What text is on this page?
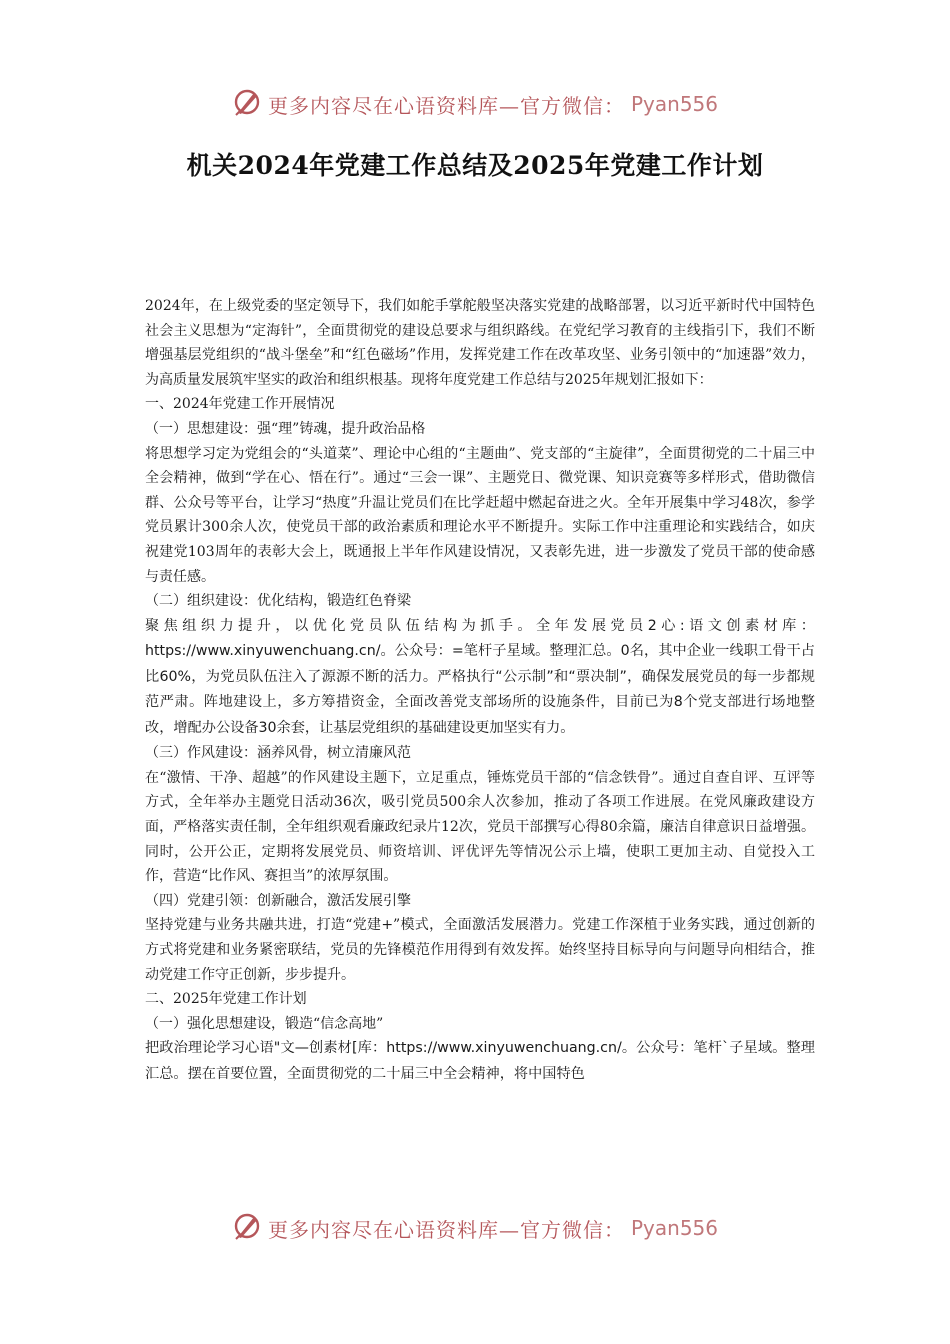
更多内容尽在心语资料库—官方微信： Pyan556
机关2024年党建工作总结及2025年党建工作计划

2024年，在上级党委的坚定领导下，我们如舵手掌舵般坚决落实党建的战略部署，以习近平新时代中国特色社会主义思想为“定海针”，全面贯彻党的建设总要求与组织路线。在党纪学习教育的主线指引下，我们不断增强基层党组织的“战斗堡垒”和“红色磁场”作用，发挥党建工作在改革攻坚、业务引领中的“加速器”效力，为高质量发展筑牢坚实的政治和组织根基。现将年度党建工作总结与2025年规划汇报如下：

一、2024年党建工作开展情况

（一）思想建设：强“理”铸魂，提升政治品格

将思想学习定为党组会的“头道菜”、理论中心组的“主题曲”、党支部的“主旋律”，全面贯彻党的二十届三中全会精神，做到“学在心、悟在行”。通过“三会一课”、主题党日、微党课、知识竞赛等多样形式，借助微信群、公众号等平台，让学习“热度”升温让党员们在比学赶超中燃起奋进之火。全年开展集中学习48次，参学党员累计300余人次，使党员干部的政治素质和理论水平不断提升。实际工作中注重理论和实践结合，如庆祝建党103周年的表彰大会上，既通报上半年作风建设情况，又表彰先进，进一步激发了党员干部的使命感与责任感。

（二）组织建设：优化结构，锻造红色脊梁

聚焦组织力提升，以优化党员队伍结构为抓手。全年发展党员2心:语文创素材库：https://www.xinyuwenchuang.cn/。公众号：=笔杆子星域。整理汇总。0名，其中企业一线职工骨干占比60%，为党员队伍注入了源源不断的活力。严格执行“公示制”和“票决制”，确保发展党员的每一步都规范严肃。阵地建设上，多方筹措资金，全面改善党支部场所的设施条件，目前已为8个党支部进行场地整改，增配办公设备30余套，让基层党组织的基础建设更加坚实有力。

（三）作风建设：涵养风骨，树立清廉风范

在“激情、干净、超越”的作风建设主题下，立足重点，锤炼党员干部的“信念铁骨”。通过自查自评、互评等方式，全年举办主题党日活动36次，吸引党员500余人次参加，推动了各项工作进展。在党风廉政建设方面，严格落实责任制，全年组织观看廉政纪录片12次，党员干部撰写心得80余篇，廉洁自律意识日益增强。同时，公开公正，定期将发展党员、师资培训、评优评先等情况公示上墙，使职工更加主动、自觉投入工作，营造“比作风、赛担当”的浓厚氛围。

（四）党建引领：创新融合，激活发展引擎

坚持党建与业务共融共进，打造“党建+”模式，全面激活发展潜力。党建工作深植于业务实践，通过创新的方式将党建和业务紧密联结，党员的先锋模范作用得到有效发挥。始终坚持目标导向与问题导向相结合，推动党建工作守正创新，步步提升。

二、2025年党建工作计划

（一）强化思想建设，锻造“信念高地”

把政治理论学习心语"文—创素材[库：https://www.xinyuwenchuang.cn/。公众号：笔杆`子星域。整理汇总。摆在首要位置，全面贯彻党的二十届三中全会精神，将中国特色

更多内容尽在心语资料库—官方微信： Pyan556
